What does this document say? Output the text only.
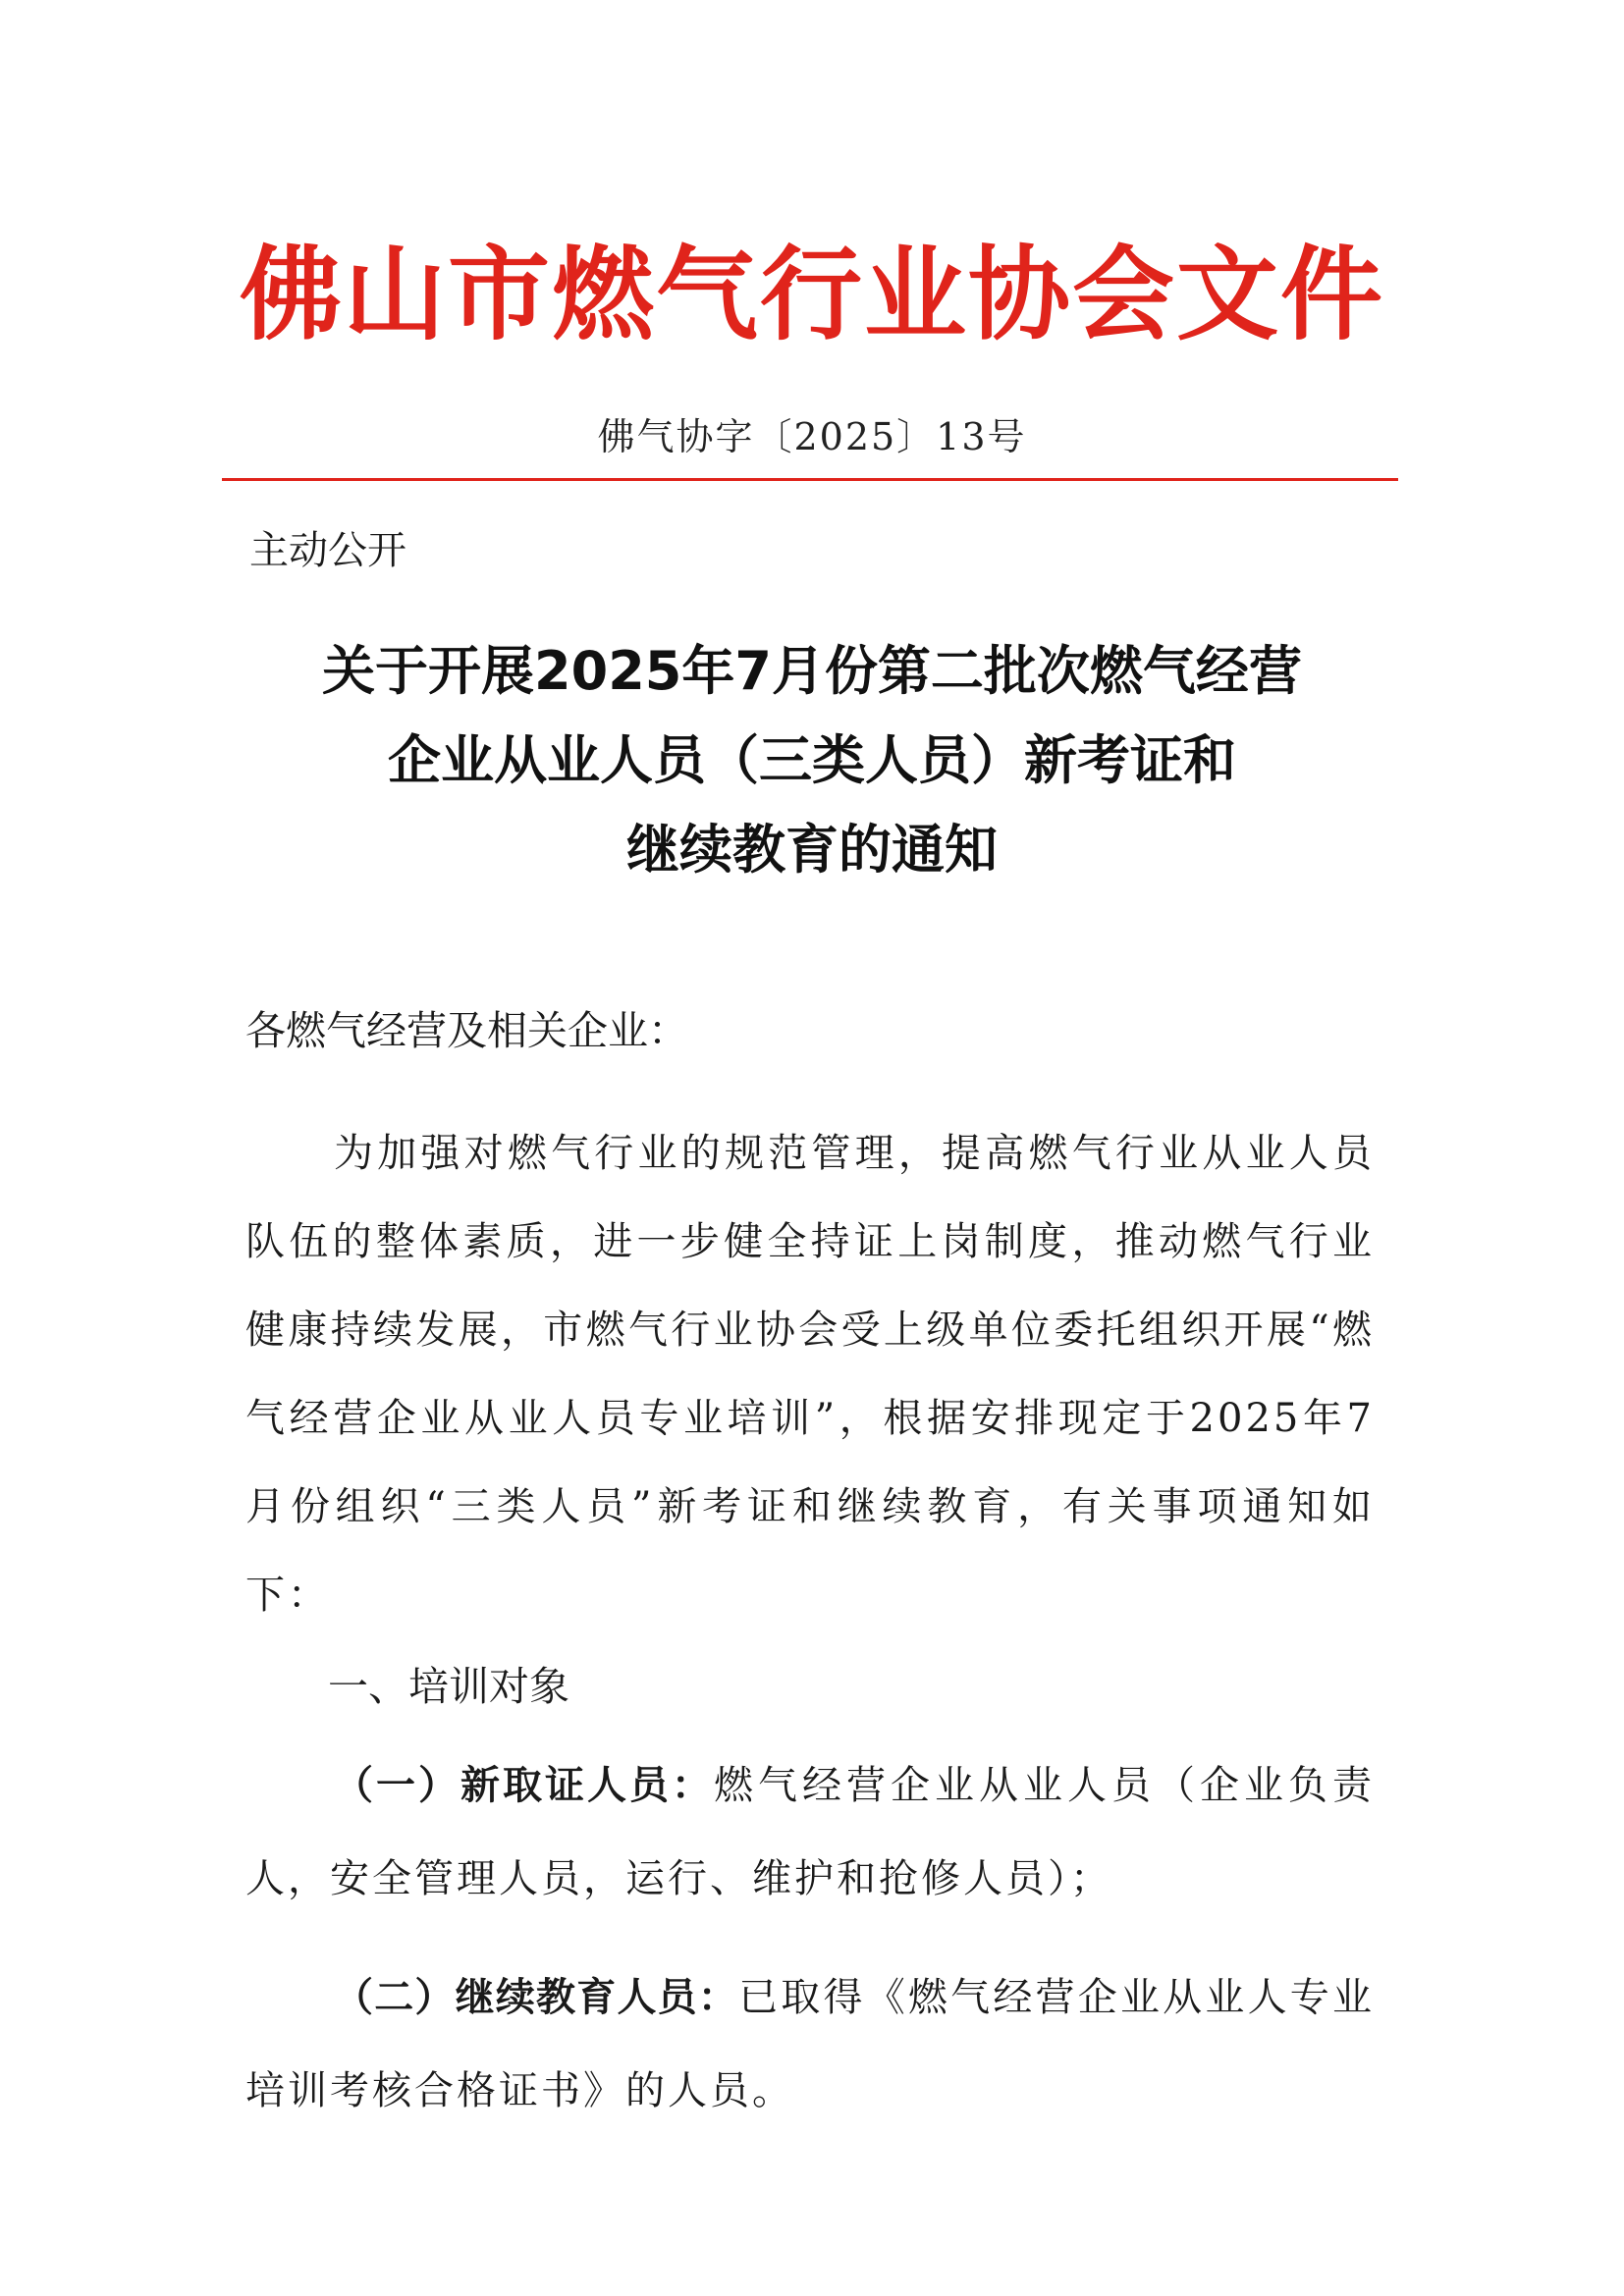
佛山市燃气行业协会文件
佛气协字〔2025〕13号
主动公开
关于开展2025年7月份第二批次燃气经营
企业从业人员（三类人员）新考证和
继续教育的通知
各燃气经营及相关企业：
为加强对燃气行业的规范管理，提高燃气行业从业人员队伍的整体素质，进一步健全持证上岗制度，推动燃气行业健康持续发展，市燃气行业协会受上级单位委托组织开展“燃气经营企业从业人员专业培训”，根据安排现定于2025年7月份组织“三类人员”新考证和继续教育，有关事项通知如下：
一、培训对象
（一）新取证人员：燃气经营企业从业人员（企业负责人，安全管理人员，运行、维护和抢修人员）；
（二）继续教育人员：已取得《燃气经营企业从业人专业培训考核合格证书》的人员。
